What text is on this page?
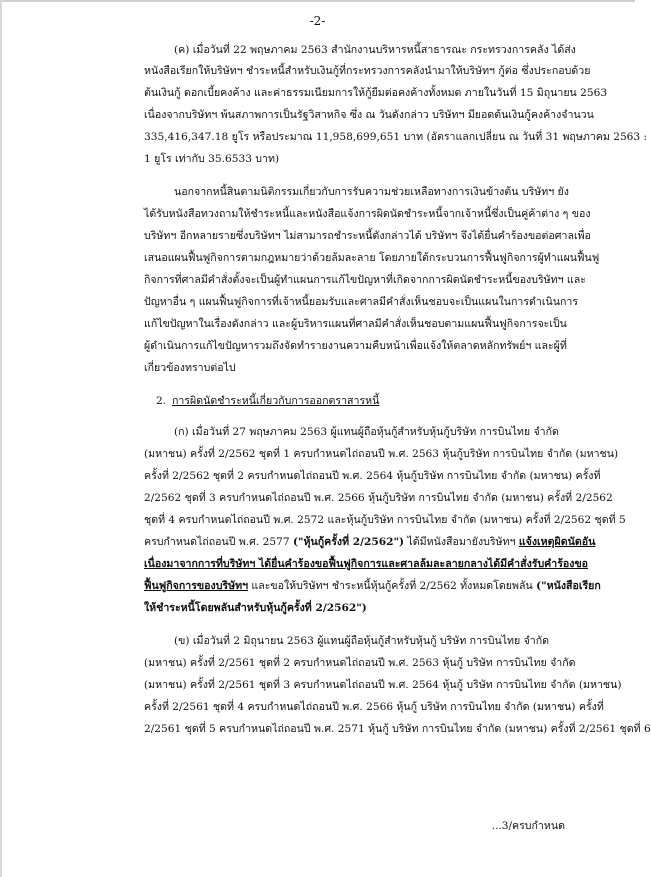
-2-
(ค) เมื่อวันที่ 22 พฤษภาคม 2563 สำนักงานบริหารหนี้สาธารณะ กระทรวงการคลัง ได้ส่ง
หนังสือเรียกให้บริษัทฯ ชำระหนี้สำหรับเงินกู้ที่กระทรวงการคลังนำมาให้บริษัทฯ กู้ต่อ ซึ่งประกอบด้วย
ต้นเงินกู้ ดอกเบี้ยคงค้าง และค่าธรรมเนียมการให้กู้ยืมต่อคงค้างทั้งหมด ภายในวันที่ 15 มิถุนายน 2563
เนื่องจากบริษัทฯ พ้นสภาพการเป็นรัฐวิสาหกิจ ซึ่ง ณ วันดังกล่าว บริษัทฯ มียอดต้นเงินกู้คงค้างจำนวน
335,416,347.18 ยูโร หรือประมาณ 11,958,699,651 บาท (อัตราแลกเปลี่ยน ณ วันที่ 31 พฤษภาคม 2563 :
1 ยูโร เท่ากับ 35.6533 บาท)
นอกจากหนี้สินตามนิติกรรมเกี่ยวกับการรับความช่วยเหลือทางการเงินข้างต้น บริษัทฯ ยัง
ได้รับหนังสือทวงถามให้ชำระหนี้และหนังสือแจ้งการผิดนัดชำระหนี้จากเจ้าหนี้ซึ่งเป็นคู่ค้าต่าง ๆ ของ
บริษัทฯ อีกหลายรายซึ่งบริษัทฯ ไม่สามารถชำระหนี้ดังกล่าวได้ บริษัทฯ จึงได้ยื่นคำร้องขอต่อศาลเพื่อ
เสนอแผนฟื้นฟูกิจการตามกฎหมายว่าด้วยล้มละลาย โดยภายใต้กระบวนการฟื้นฟูกิจการผู้ทำแผนฟื้นฟู
กิจการที่ศาลมีคำสั่งตั้งจะเป็นผู้ทำแผนการแก้ไขปัญหาที่เกิดจากการผิดนัดชำระหนี้ของบริษัทฯ และ
ปัญหาอื่น ๆ แผนฟื้นฟูกิจการที่เจ้าหนี้ยอมรับและศาลมีคำสั่งเห็นชอบจะเป็นแผนในการดำเนินการ
แก้ไขปัญหาในเรื่องดังกล่าว และผู้บริหารแผนที่ศาลมีคำสั่งเห็นชอบตามแผนฟื้นฟูกิจการจะเป็น
ผู้ดำเนินการแก้ไขปัญหารวมถึงจัดทำรายงานความคืบหน้าเพื่อแจ้งให้ตลาดหลักทรัพย์ฯ และผู้ที่
เกี่ยวข้องทราบต่อไป
2. การผิดนัดชำระหนี้เกี่ยวกับการออกตราสารหนี้
(ก) เมื่อวันที่ 27 พฤษภาคม 2563 ผู้แทนผู้ถือหุ้นกู้สำหรับหุ้นกู้บริษัท การบินไทย จำกัด
(มหาชน) ครั้งที่ 2/2562 ชุดที่ 1 ครบกำหนดไถ่ถอนปี พ.ศ. 2563 หุ้นกู้บริษัท การบินไทย จำกัด (มหาชน)
ครั้งที่ 2/2562 ชุดที่ 2 ครบกำหนดไถ่ถอนปี พ.ศ. 2564 หุ้นกู้บริษัท การบินไทย จำกัด (มหาชน) ครั้งที่
2/2562 ชุดที่ 3 ครบกำหนดไถ่ถอนปี พ.ศ. 2566 หุ้นกู้บริษัท การบินไทย จำกัด (มหาชน) ครั้งที่ 2/2562
ชุดที่ 4 ครบกำหนดไถ่ถอนปี พ.ศ. 2572 และหุ้นกู้บริษัท การบินไทย จำกัด (มหาชน) ครั้งที่ 2/2562 ชุดที่ 5
ครบกำหนดไถ่ถอนปี พ.ศ. 2577 ("หุ้นกู้ครั้งที่ 2/2562") ได้มีหนังสือมายังบริษัทฯ แจ้งเหตุผิดนัดอัน
เนื่องมาจากการที่บริษัทฯ ได้ยื่นคำร้องขอฟื้นฟูกิจการและศาลล้มละลายกลางได้มีคำสั่งรับคำร้องขอ
ฟื้นฟูกิจการของบริษัทฯ และขอให้บริษัทฯ ชำระหนี้หุ้นกู้ครั้งที่ 2/2562 ทั้งหมดโดยพลัน ("หนังสือเรียก
ให้ชำระหนี้โดยพลันสำหรับหุ้นกู้ครั้งที่ 2/2562")
(ข) เมื่อวันที่ 2 มิถุนายน 2563 ผู้แทนผู้ถือหุ้นกู้สำหรับหุ้นกู้ บริษัท การบินไทย จำกัด
(มหาชน) ครั้งที่ 2/2561 ชุดที่ 2 ครบกำหนดไถ่ถอนปี พ.ศ. 2563 หุ้นกู้ บริษัท การบินไทย จำกัด
(มหาชน) ครั้งที่ 2/2561 ชุดที่ 3 ครบกำหนดไถ่ถอนปี พ.ศ. 2564 หุ้นกู้ บริษัท การบินไทย จำกัด (มหาชน)
ครั้งที่ 2/2561 ชุดที่ 4 ครบกำหนดไถ่ถอนปี พ.ศ. 2566 หุ้นกู้ บริษัท การบินไทย จำกัด (มหาชน) ครั้งที่
2/2561 ชุดที่ 5 ครบกำหนดไถ่ถอนปี พ.ศ. 2571 หุ้นกู้ บริษัท การบินไทย จำกัด (มหาชน) ครั้งที่ 2/2561 ชุดที่ 6
...3/ครบกำหนด
